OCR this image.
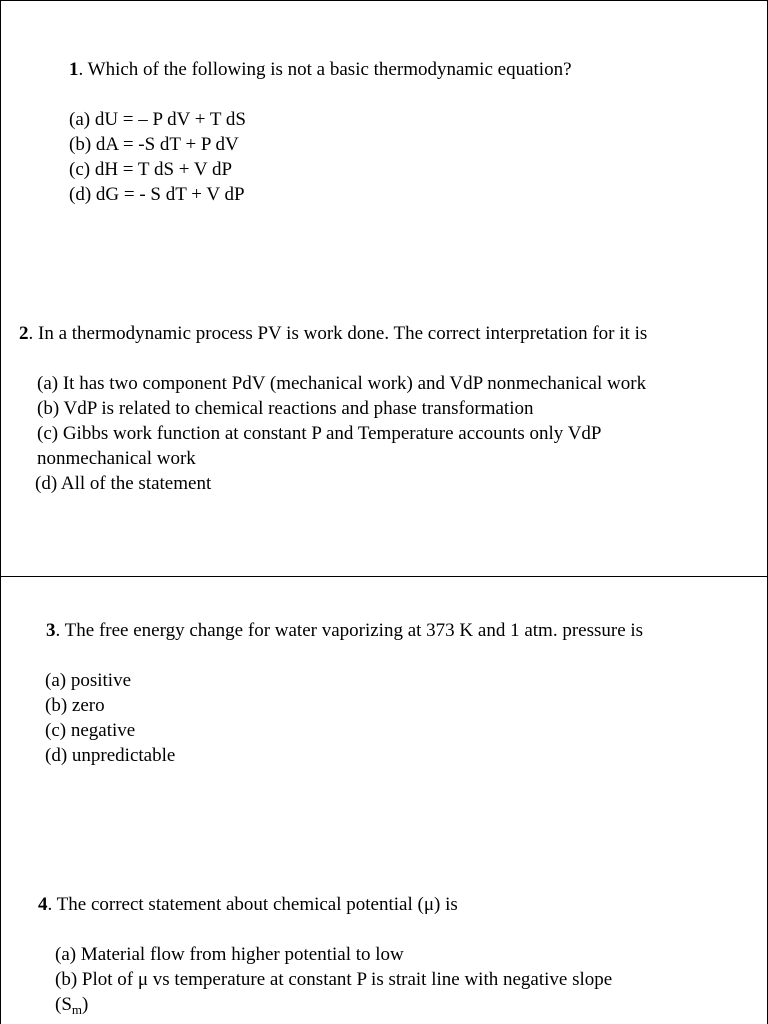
1. Which of the following is not a basic thermodynamic equation?
(a) dU = – P dV + T dS
(b) dA = -S dT + P dV
(c) dH = T dS + V dP
(d) dG = - S dT + V dP
2. In a thermodynamic process PV is work done. The correct interpretation for it is
(a) It has two component PdV (mechanical work) and VdP nonmechanical work
(b) VdP is related to chemical reactions and phase transformation
(c) Gibbs work function at constant P and Temperature accounts only VdP
nonmechanical work
(d) All of the statement
3. The free energy change for water vaporizing at 373 K and 1 atm. pressure is
(a) positive
(b) zero
(c) negative
(d) unpredictable
4. The correct statement about chemical potential (μ) is
(a) Material flow from higher potential to low
(b) Plot of μ vs temperature at constant P is strait line with negative slope
$(S_m)$
